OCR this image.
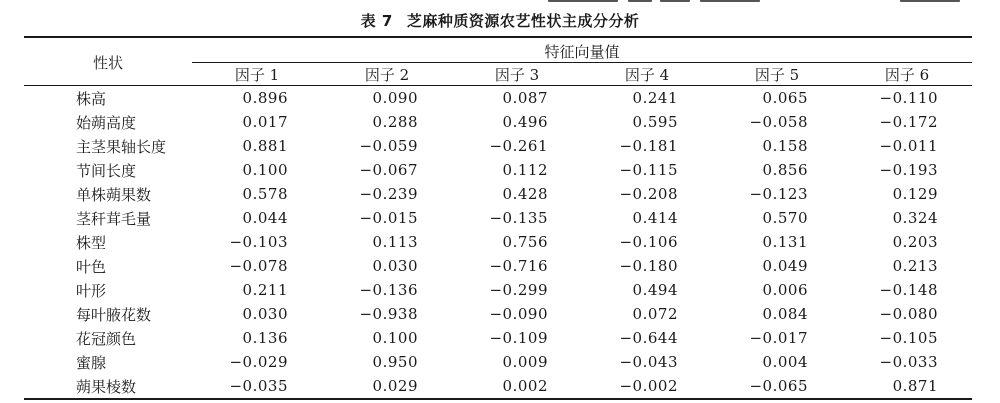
表 7 芝麻种质资源农艺性状主成分分析
性状	特征向量值					
	因子 1	因子 2	因子 3	因子 4	因子 5	因子 6
株高	0.896	0.090	0.087	0.241	0.065	−0.110
始蒴高度	0.017	0.288	0.496	0.595	−0.058	−0.172
主茎果轴长度	0.881	−0.059	−0.261	−0.181	0.158	−0.011
节间长度	0.100	−0.067	0.112	−0.115	0.856	−0.193
单株蒴果数	0.578	−0.239	0.428	−0.208	−0.123	0.129
茎秆茸毛量	0.044	−0.015	−0.135	0.414	0.570	0.324
株型	−0.103	0.113	0.756	−0.106	0.131	0.203
叶色	−0.078	0.030	−0.716	−0.180	0.049	0.213
叶形	0.211	−0.136	−0.299	0.494	0.006	−0.148
每叶腋花数	0.030	−0.938	−0.090	0.072	0.084	−0.080
花冠颜色	0.136	0.100	−0.109	−0.644	−0.017	−0.105
蜜腺	−0.029	0.950	0.009	−0.043	0.004	−0.033
蒴果棱数	−0.035	0.029	0.002	−0.002	−0.065	0.871
